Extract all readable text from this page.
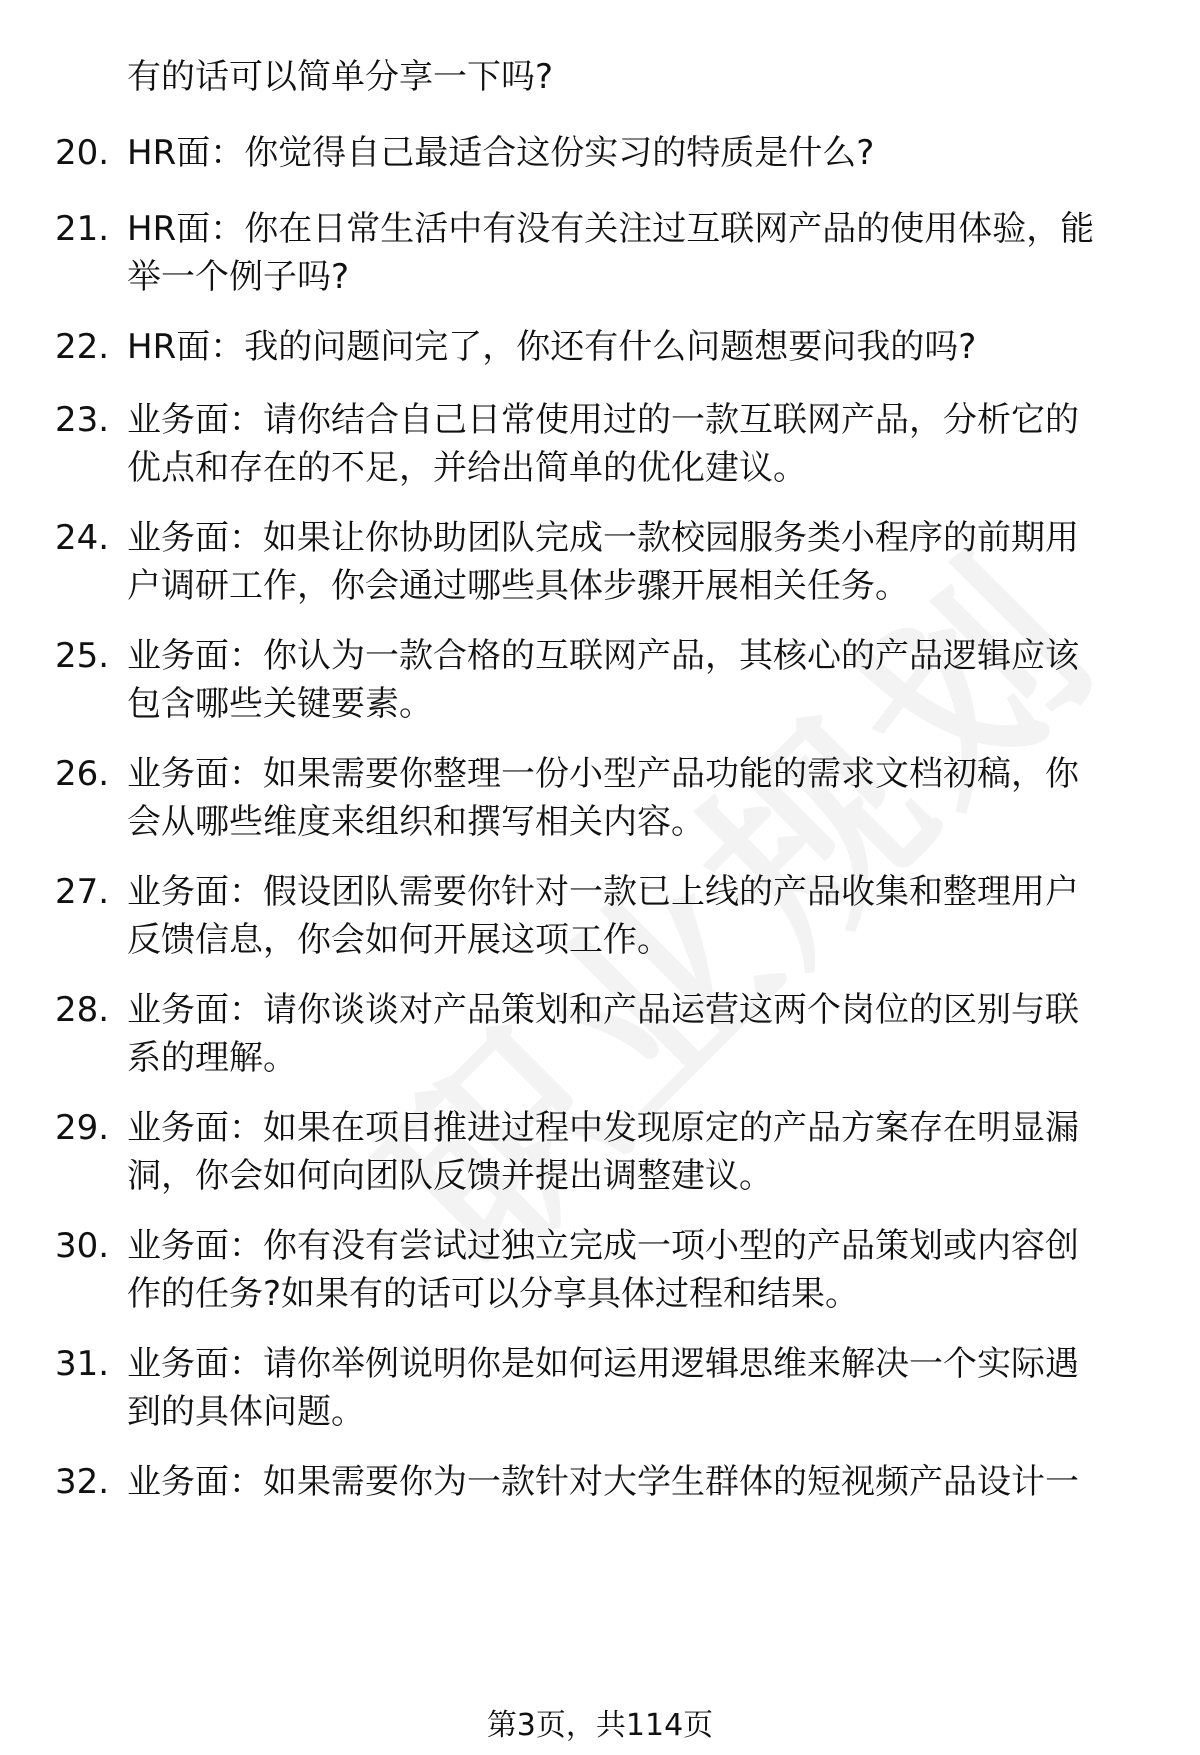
有的话可以简单分享一下吗?
20. HR面：你觉得自己最适合这份实习的特质是什么?
21. HR面：你在日常生活中有没有关注过互联网产品的使用体验，能
举一个例子吗?
22. HR面：我的问题问完了，你还有什么问题想要问我的吗?
23. 业务面：请你结合自己日常使用过的一款互联网产品，分析它的
优点和存在的不足，并给出简单的优化建议。
24. 业务面：如果让你协助团队完成一款校园服务类小程序的前期用
户调研工作，你会通过哪些具体步骤开展相关任务。
25. 业务面：你认为一款合格的互联网产品，其核心的产品逻辑应该
包含哪些关键要素。
26. 业务面：如果需要你整理一份小型产品功能的需求文档初稿，你
会从哪些维度来组织和撰写相关内容。
27. 业务面：假设团队需要你针对一款已上线的产品收集和整理用户
反馈信息，你会如何开展这项工作。
28. 业务面：请你谈谈对产品策划和产品运营这两个岗位的区别与联
系的理解。
29. 业务面：如果在项目推进过程中发现原定的产品方案存在明显漏
洞，你会如何向团队反馈并提出调整建议。
30. 业务面：你有没有尝试过独立完成一项小型的产品策划或内容创
作的任务?如果有的话可以分享具体过程和结果。
31. 业务面：请你举例说明你是如何运用逻辑思维来解决一个实际遇
到的具体问题。
32. 业务面：如果需要你为一款针对大学生群体的短视频产品设计一
第3页，共114页
